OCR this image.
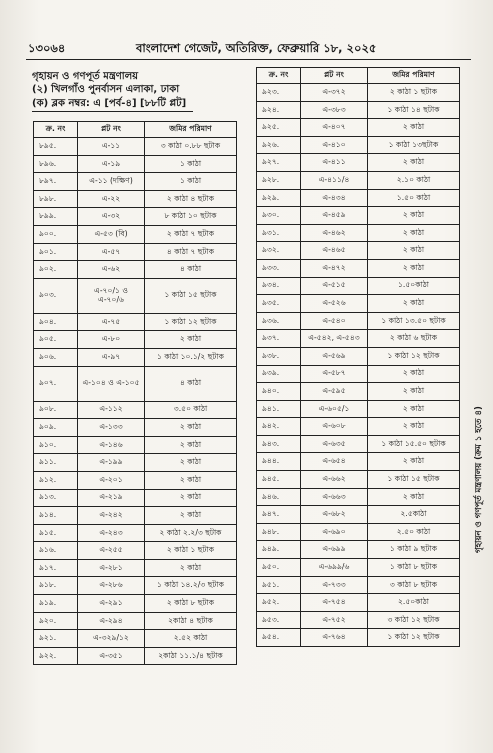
১৩০৬৪	বাংলাদেশ গেজেট, অতিরিক্ত, ফেব্রুয়ারি ১৮, ২০২৫
গৃহায়ন ও গণপূর্ত মন্ত্রণালয়
(২) খিলগাঁও পুনর্বাসন এলাকা, ঢাকা
(ক) ব্লক নম্বর: এ [পর্ব-৪] [৮৮টি প্লট]
ক্র. নং	প্লট নং	জমির পরিমাণ
৮৯৫.	এ-১১	৩ কাঠা ০.৮৮ ছটাক
৮৯৬.	এ-১৯	১ কাঠা
৮৯৭.	এ-১১ (দক্ষিণ)	১ কাঠা
৮৯৮.	এ-২২	২ কাঠা ৪ ছটাক
৮৯৯.	এ-৩২	৮ কাঠা ১০ ছটাক
৯০০.	এ-৫৩ (বি)	২ কাঠা ৭ ছটাক
৯০১.	এ-৫৭	৪ কাঠা ৭ ছটাক
৯০২.	এ-৬২	৪ কাঠা
৯০৩.	এ-৭০/১ ও এ-৭০/৬	১ কাঠা ১৫ ছটাক
৯০৪.	এ-৭৫	১ কাঠা ১২ ছটাক
৯০৫.	এ-৮০	২ কাঠা
৯০৬.	এ-৯৭	১ কাঠা ১০.১/২ ছটাক
৯০৭.	এ-১০৪ ও এ-১০৫	৪ কাঠা
৯০৮.	এ-১১২	৩.৫০ কাঠা
৯০৯.	এ-১৩৩	২ কাঠা
৯১০.	এ-১৪৬	২ কাঠা
৯১১.	এ-১৯৯	২ কাঠা
৯১২.	এ-২০১	২ কাঠা
৯১৩.	এ-২১৯	২ কাঠা
৯১৪.	এ-২৪২	২ কাঠা
৯১৫.	এ-২৪৩	২ কাঠা ২.২/৩ ছটাক
৯১৬.	এ-২৫৫	২ কাঠা ১ ছটাক
৯১৭.	এ-২৮১	২ কাঠা
৯১৮.	এ-২৮৬	১ কাঠা ১৪.২/৩ ছটাক
৯১৯.	এ-২৯১	২ কাঠা ৮ ছটাক
৯২০.	এ-২৯৪	২কাঠা ৪ ছটাক
৯২১.	এ-৩২৯/১২	২.৫২ কাঠা
৯২২.	এ-৩৫১	২কাঠা ১১.১/৪ ছটাক
ক্র. নং	প্লট নং	জমির পরিমাণ
৯২৩.	এ-৩৭২	২ কাঠা ১ ছটাক
৯২৪.	এ-৩৮৩	১ কাঠা ১৪ ছটাক
৯২৫.	এ-৪০৭	২ কাঠা
৯২৬.	এ-৪১০	১ কাঠা ১৩ছটাক
৯২৭.	এ-৪১১	২ কাঠা
৯২৮.	এ-৪১১/৪	২.১০ কাঠা
৯২৯.	এ-৪৩৪	১.৫০ কাঠা
৯৩০.	এ-৪৫৯	২ কাঠা
৯৩১.	এ-৪৬২	২ কাঠা
৯৩২.	এ-৪৬৫	২ কাঠা
৯৩৩.	এ-৪৭২	২ কাঠা
৯৩৪.	এ-৫১৫	১.৫০কাঠা
৯৩৫.	এ-৫২৬	২ কাঠা
৯৩৬.	এ-৫৪০	১ কাঠা ১৩.৫০ ছটাক
৯৩৭.	এ-৫৪২, এ-৫৪৩	২ কাঠা ৬ ছটাক
৯৩৮.	এ-৫৬৯	১ কাঠা ১২ ছটাক
৯৩৯.	এ-৫৮৭	২ কাঠা
৯৪০.	এ-৫৯৫	২ কাঠা
৯৪১.	এ-৬০৫/১	২ কাঠা
৯৪২.	এ-৬০৮	২ কাঠা
৯৪৩.	এ-৬৩৫	১ কাঠা ১৫.৫০ ছটাক
৯৪৪.	এ-৬৫৪	২ কাঠা
৯৪৫.	এ-৬৬২	১ কাঠা ১৫ ছটাক
৯৪৬.	এ-৬৬৩	২ কাঠা
৯৪৭.	এ-৬৮২	২.৫কাঠা
৯৪৮.	এ-৬৯০	২.৫০ কাঠা
৯৪৯.	এ-৬৯৯	১ কাঠা ৯ ছটাক
৯৫০.	এ-৬৯৯/৬	১ কাঠা ৮ ছটাক
৯৫১.	এ-৭৩৩	৩ কাঠা ৮ ছটাক
৯৫২.	এ-৭৫৪	২.৫০কাঠা
৯৫৩.	এ-৭৫২	৩ কাঠা ১২ ছটাক
৯৫৪.	এ-৭৬৪	১ কাঠা ১২ ছটাক
গৃহায়ন ও গণপূর্ত মন্ত্রণালয় (ক্রম ১ হতে ৪)
